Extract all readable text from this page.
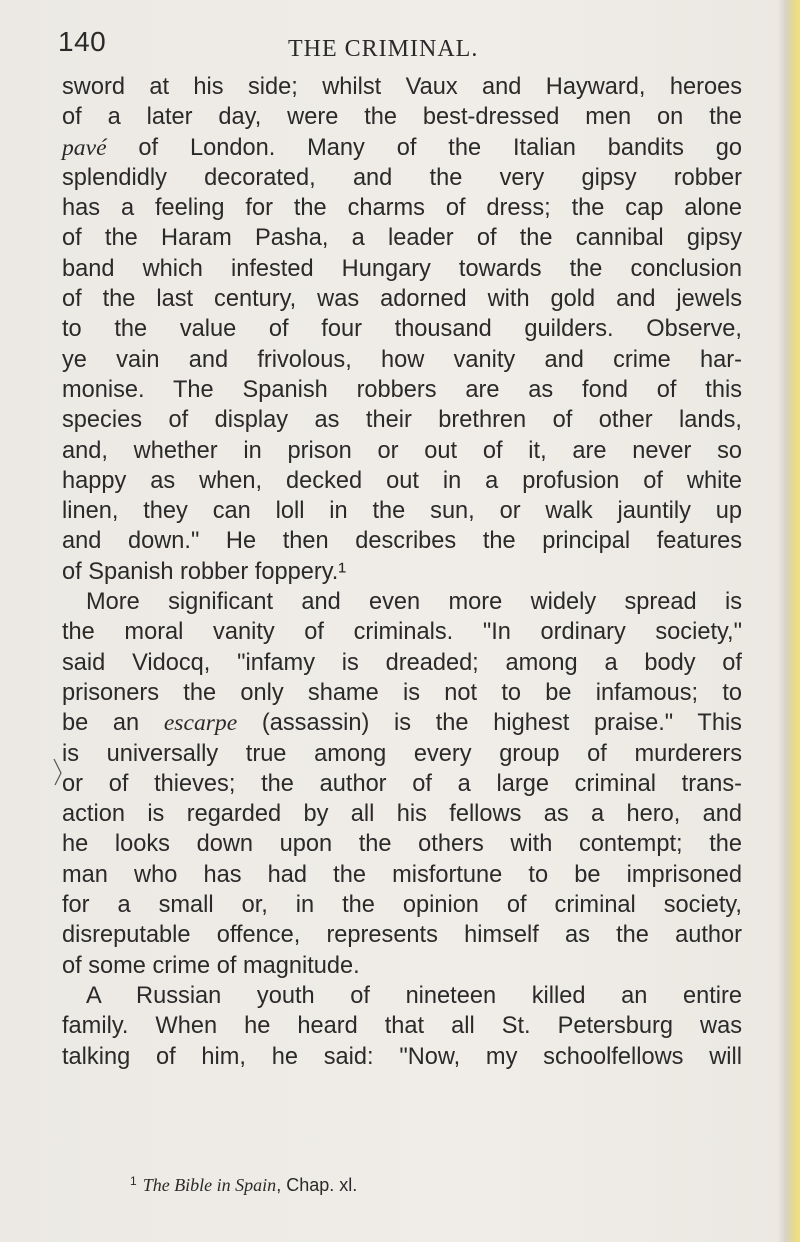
140	THE CRIMINAL.
sword at his side; whilst Vaux and Hayward, heroes
of a later day, were the best-dressed men on the
pavé of London. Many of the Italian bandits go
splendidly decorated, and the very gipsy robber
has a feeling for the charms of dress; the cap alone
of the Haram Pasha, a leader of the cannibal gipsy
band which infested Hungary towards the conclusion
of the last century, was adorned with gold and jewels
to the value of four thousand guilders. Observe,
ye vain and frivolous, how vanity and crime har-
monise. The Spanish robbers are as fond of this
species of display as their brethren of other lands,
and, whether in prison or out of it, are never so
happy as when, decked out in a profusion of white
linen, they can loll in the sun, or walk jauntily up
and down." He then describes the principal features
of Spanish robber foppery.¹
More significant and even more widely spread is
the moral vanity of criminals. "In ordinary society,"
said Vidocq, "infamy is dreaded; among a body of
prisoners the only shame is not to be infamous; to
be an escarpe (assassin) is the highest praise." This
is universally true among every group of murderers
or of thieves; the author of a large criminal trans-
action is regarded by all his fellows as a hero, and
he looks down upon the others with contempt; the
man who has had the misfortune to be imprisoned
for a small or, in the opinion of criminal society,
disreputable offence, represents himself as the author
of some crime of magnitude.
A Russian youth of nineteen killed an entire
family. When he heard that all St. Petersburg was
talking of him, he said: "Now, my schoolfellows will
$^1$ The Bible in Spain, Chap. xl.
